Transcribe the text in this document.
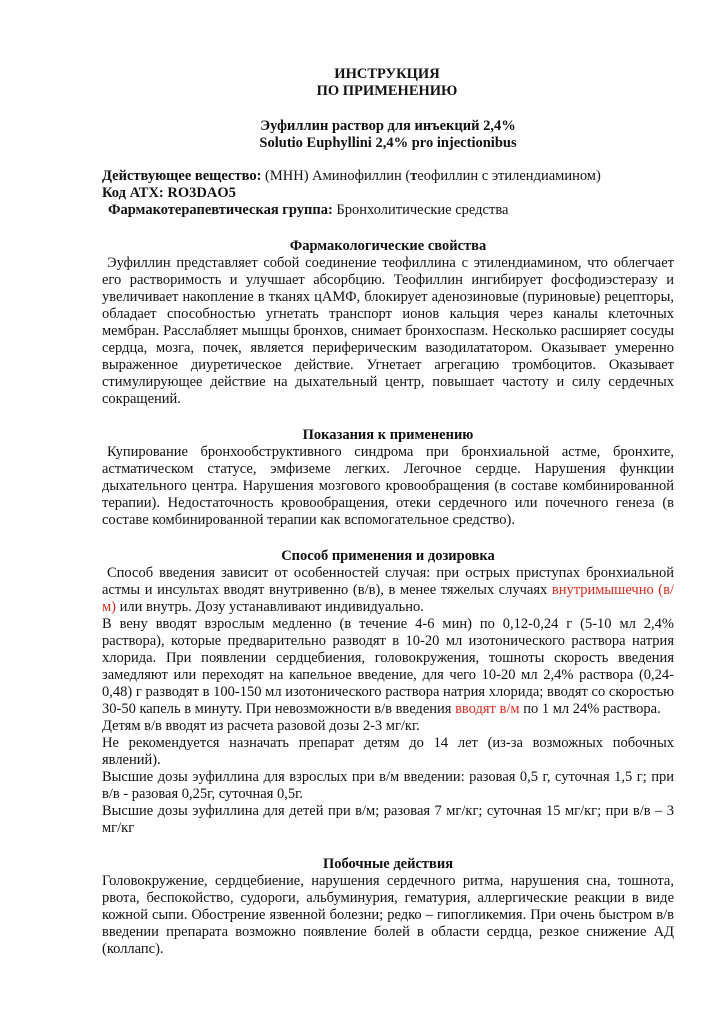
ИНСТРУКЦИЯ
ПО ПРИМЕНЕНИЮ
Эуфиллин раствор для инъекций 2,4%
Solutio Euphyllini 2,4% pro injectionibus
Действующее вещество: (МНН) Аминофиллин (теофиллин с этилендиамином)
Код АТХ: RO3DAO5
Фармакотерапевтическая группа: Бронхолитические средства
Фармакологические свойства

Эуфиллин представляет собой соединение теофиллина с этилендиамином, что облегчает его растворимость и улучшает абсорбцию. Теофиллин ингибирует фосфодиэстеразу и увеличивает накопление в тканях цАМФ, блокирует аденозиновые (пуриновые) рецепторы, обладает способностью угнетать транспорт ионов кальция через каналы клеточных мембран. Расслабляет мышцы бронхов, снимает бронхоспазм. Несколько расширяет сосуды сердца, мозга, почек, является периферическим вазодилататором. Оказывает умеренно выраженное диуретическое действие. Угнетает агрегацию тромбоцитов. Оказывает стимулирующее действие на дыхательный центр, повышает частоту и силу сердечных сокращений.

Показания к применению

Купирование бронхообструктивного синдрома при бронхиальной астме, бронхите, астматическом статусе, эмфиземе легких. Легочное сердце. Нарушения функции дыхательного центра. Нарушения мозгового кровообращения (в составе комбинированной терапии). Недостаточность кровообращения, отеки сердечного или почечного генеза (в составе комбинированной терапии как вспомогательное средство).

Способ применения и дозировка

Способ введения зависит от особенностей случая: при острых приступах бронхиальной астмы и инсультах вводят внутривенно (в/в), в менее тяжелых случаях внутримышечно (в/м) или внутрь. Дозу устанавливают индивидуально.

В вену вводят взрослым медленно (в течение 4-6 мин) по 0,12-0,24 г (5-10 мл 2,4% раствора), которые предварительно разводят в 10-20 мл изотонического раствора натрия хлорида. При появлении сердцебиения, головокружения, тошноты скорость введения замедляют или переходят на капельное введение, для чего 10-20 мл 2,4% раствора (0,24-0,48) г разводят в 100-150 мл изотонического раствора натрия хлорида; вводят со скоростью 30-50 капель в минуту. При невозможности в/в введения вводят в/м по 1 мл 24% раствора.

Детям в/в вводят из расчета разовой дозы 2-3 мг/кг.

Не рекомендуется назначать препарат детям до 14 лет (из-за возможных побочных явлений).

Высшие дозы эуфиллина для взрослых при в/м введении: разовая 0,5 г, суточная 1,5 г; при в/в - разовая 0,25г, суточная 0,5г.

Высшие дозы эуфиллина для детей при в/м; разовая 7 мг/кг; суточная 15 мг/кг; при в/в – 3 мг/кг

Побочные действия

Головокружение, сердцебиение, нарушения сердечного ритма, нарушения сна, тошнота, рвота, беспокойство, судороги, альбуминурия, гематурия, аллергические реакции в виде кожной сыпи. Обострение язвенной болезни; редко – гипогликемия. При очень быстром в/в введении препарата возможно появление болей в области сердца, резкое снижение АД (коллапс).
